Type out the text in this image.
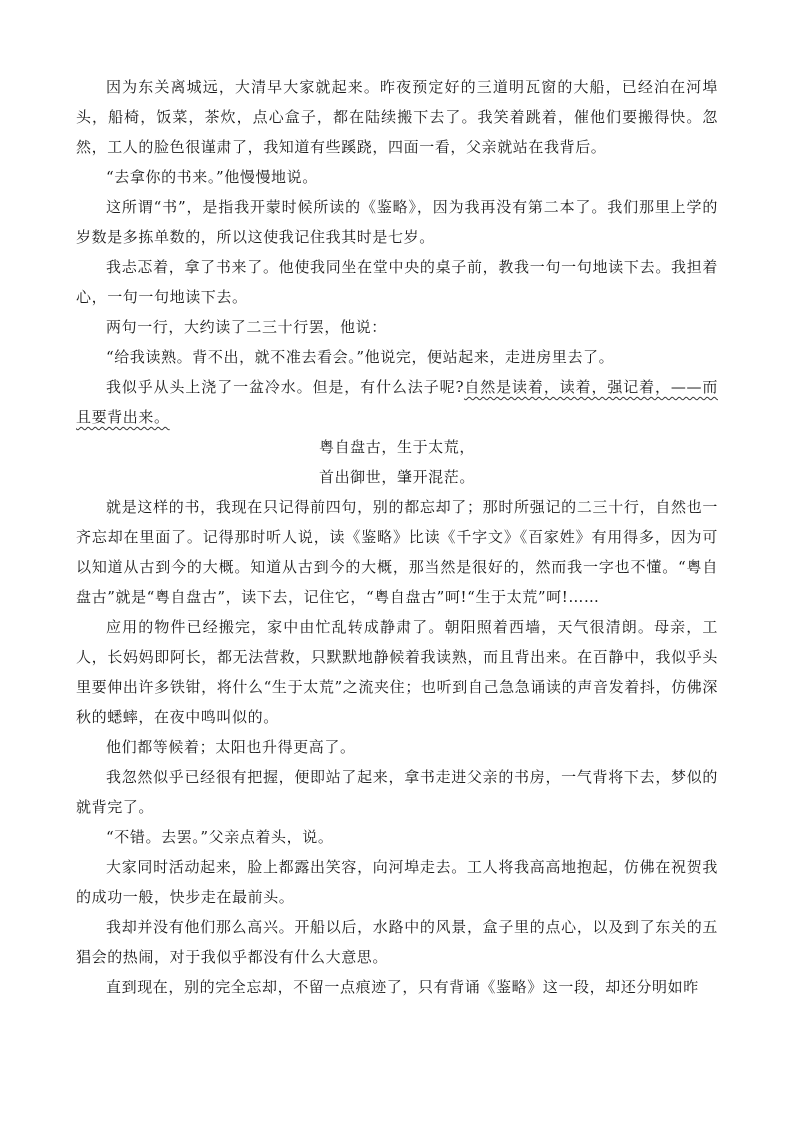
因为东关离城远，大清早大家就起来。昨夜预定好的三道明瓦窗的大船，已经泊在河埠头，船椅，饭菜，茶炊，点心盒子，都在陆续搬下去了。我笑着跳着，催他们要搬得快。忽然，工人的脸色很谨肃了，我知道有些蹊跷，四面一看，父亲就站在我背后。

“去拿你的书来。”他慢慢地说。

这所谓“书”，是指我开蒙时候所读的《鉴略》，因为我再没有第二本了。我们那里上学的岁数是多拣单数的，所以这使我记住我其时是七岁。

我忐忑着，拿了书来了。他使我同坐在堂中央的桌子前，教我一句一句地读下去。我担着心，一句一句地读下去。

两句一行，大约读了二三十行罢，他说：

“给我读熟。背不出，就不准去看会。”他说完，便站起来，走进房里去了。

我似乎从头上浇了一盆冷水。但是，有什么法子呢?自然是读着，读着，强记着，——而且要背出来。

粤自盘古，生于太荒，

首出御世，肇开混茫。

就是这样的书，我现在只记得前四句，别的都忘却了；那时所强记的二三十行，自然也一齐忘却在里面了。记得那时听人说，读《鉴略》比读《千字文》《百家姓》有用得多，因为可以知道从古到今的大概。知道从古到今的大概，那当然是很好的，然而我一字也不懂。“粤自盘古”就是“粤自盘古”，读下去，记住它，“粤自盘古”呵!“生于太荒”呵!……

应用的物件已经搬完，家中由忙乱转成静肃了。朝阳照着西墙，天气很清朗。母亲，工人，长妈妈即阿长，都无法营救，只默默地静候着我读熟，而且背出来。在百静中，我似乎头里要伸出许多铁钳，将什么“生于太荒”之流夹住；也听到自己急急诵读的声音发着抖，仿佛深秋的蟋蟀，在夜中鸣叫似的。

他们都等候着；太阳也升得更高了。

我忽然似乎已经很有把握，便即站了起来，拿书走进父亲的书房，一气背将下去，梦似的就背完了。

“不错。去罢。”父亲点着头，说。

大家同时活动起来，脸上都露出笑容，向河埠走去。工人将我高高地抱起，仿佛在祝贺我的成功一般，快步走在最前头。

我却并没有他们那么高兴。开船以后，水路中的风景，盒子里的点心，以及到了东关的五猖会的热闹，对于我似乎都没有什么大意思。

直到现在，别的完全忘却，不留一点痕迹了，只有背诵《鉴略》这一段，却还分明如昨
